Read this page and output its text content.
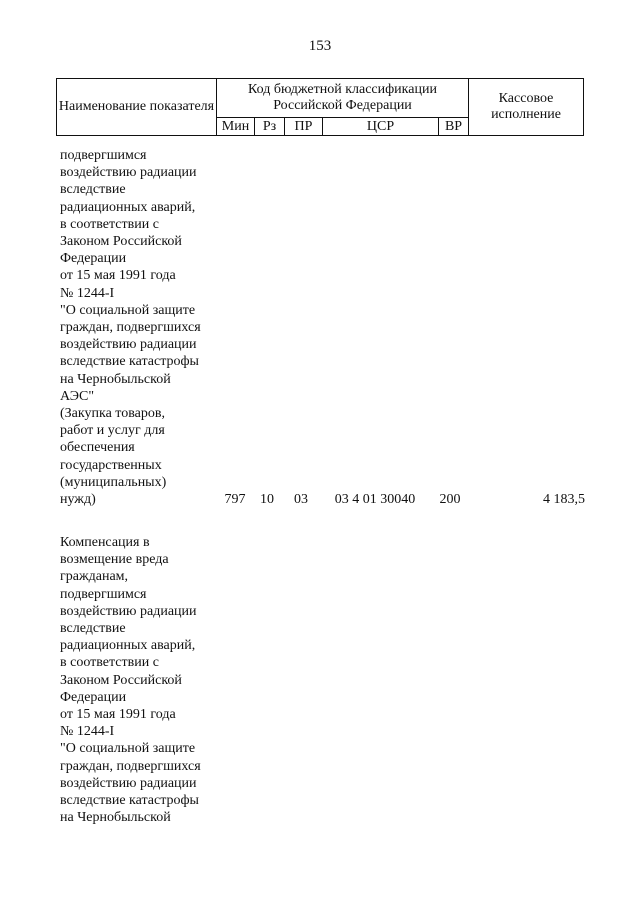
153
Наименование показателя	Код бюджетной классификации Российской Федерации					Кассовое исполнение
	Мин	Рз	ПР	ЦСР	ВР	
подвергшимся
воздействию радиации
вследствие
радиационных аварий,
в соответствии с
Законом Российской
Федерации
от 15 мая 1991 года
№ 1244-I
"О социальной защите
граждан, подвергшихся
воздействию радиации
вследствие катастрофы
на Чернобыльской
АЭС"
(Закупка товаров,
работ и услуг для
обеспечения
государственных
(муниципальных)
нужд)	797	10	03	03 4 01 30040	200	4 183,5
Компенсация в
возмещение вреда
гражданам,
подвергшимся
воздействию радиации
вследствие
радиационных аварий,
в соответствии с
Законом Российской
Федерации
от 15 мая 1991 года
№ 1244-I
"О социальной защите
граждан, подвергшихся
воздействию радиации
вследствие катастрофы
на Чернобыльской
